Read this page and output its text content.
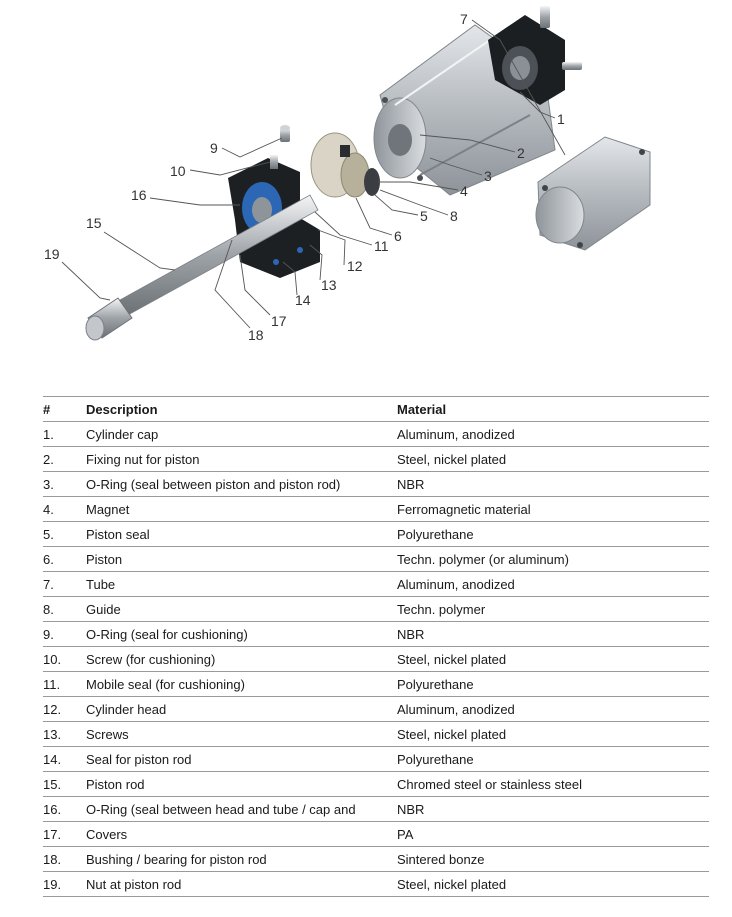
1
2
3
4
5
6
7
8
9
10
11
12
13
14
15
16
17
18
19
#	Description	Material
1.	Cylinder cap	Aluminum, anodized
2.	Fixing nut for piston	Steel, nickel plated
3.	O-Ring (seal between piston and piston rod)	NBR
4.	Magnet	Ferromagnetic material
5.	Piston seal	Polyurethane
6.	Piston	Techn. polymer (or aluminum)
7.	Tube	Aluminum, anodized
8.	Guide	Techn. polymer
9.	O-Ring (seal for cushioning)	NBR
10.	Screw (for cushioning)	Steel, nickel plated
11.	Mobile seal (for cushioning)	Polyurethane
12.	Cylinder head	Aluminum, anodized
13.	Screws	Steel, nickel plated
14.	Seal for piston rod	Polyurethane
15.	Piston rod	Chromed steel or stainless steel
16.	O-Ring (seal between head and tube / cap and	NBR
17.	Covers	PA
18.	Bushing / bearing for piston rod	Sintered bonze
19.	Nut at piston rod	Steel, nickel plated
